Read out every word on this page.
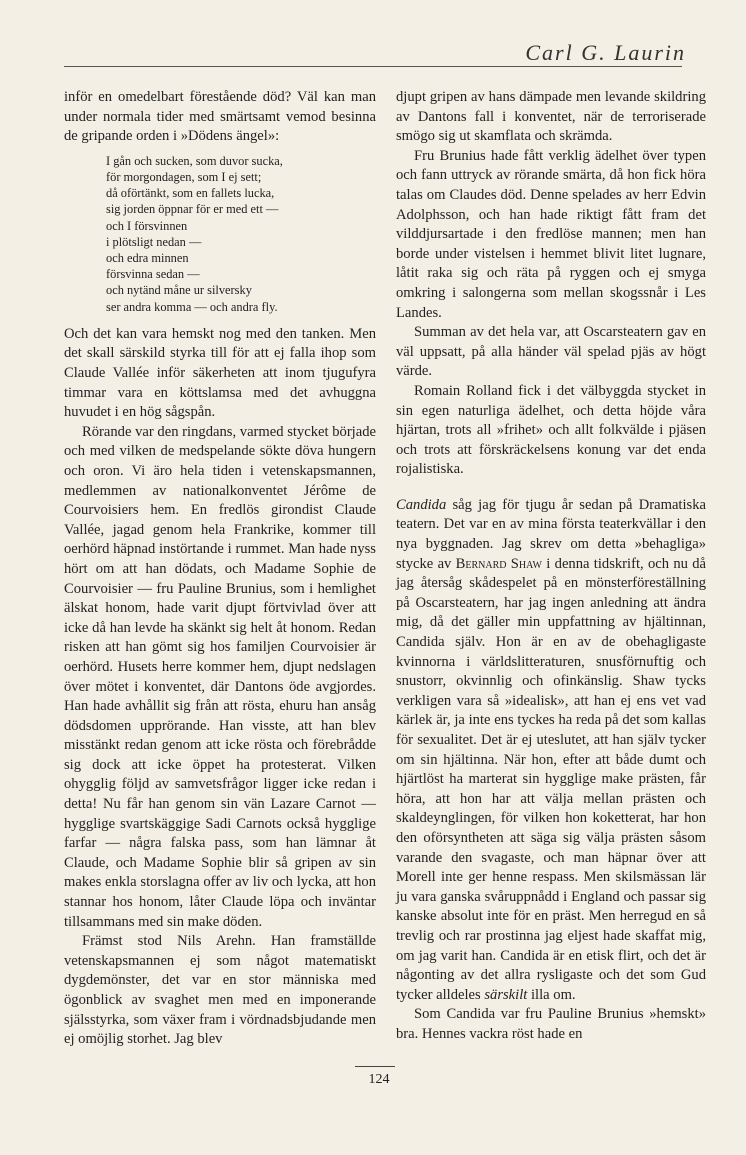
Carl G. Laurin

inför en omedelbart förestående död? Väl kan man under normala tider med smärtsamt vemod besinna de gripande orden i »Dödens ängel»:

I gån och sucken, som duvor sucka,
för morgondagen, som I ej sett;
då oförtänkt, som en fallets lucka,
sig jorden öppnar för er med ett —
och I försvinnen
i plötsligt nedan —
och edra minnen
försvinna sedan —
och nytänd måne ur silversky
ser andra komma — och andra fly.

Och det kan vara hemskt nog med den tanken. Men det skall särskild styrka till för att ej falla ihop som Claude Vallée inför säkerheten att inom tjugufyra timmar vara en köttslamsa med det avhuggna huvudet i en hög sågspån.

Rörande var den ringdans, varmed stycket började och med vilken de medspelande sökte döva hungern och oron. Vi äro hela tiden i vetenskapsmannen, medlemmen av nationalkonventet Jérôme de Courvoisiers hem. En fredlös girondist Claude Vallée, jagad genom hela Frankrike, kommer till oerhörd häpnad instörtande i rummet. Man hade nyss hört om att han dödats, och Madame Sophie de Courvoisier — fru Pauline Brunius, som i hemlighet älskat honom, hade varit djupt förtvivlad över att icke då han levde ha skänkt sig helt åt honom. Redan risken att han gömt sig hos familjen Courvoisier är oerhörd. Husets herre kommer hem, djupt nedslagen över mötet i konventet, där Dantons öde avgjordes. Han hade avhållit sig från att rösta, ehuru han ansåg dödsdomen upprörande. Han visste, att han blev misstänkt redan genom att icke rösta och förebrådde sig dock att icke öppet ha protesterat. Vilken ohygglig följd av samvetsfrågor ligger icke redan i detta! Nu får han genom sin vän Lazare Carnot — hygglige svartskäggige Sadi Carnots också hygglige farfar — några falska pass, som han lämnar åt Claude, och Madame Sophie blir så gripen av sin makes enkla storslagna offer av liv och lycka, att hon stannar hos honom, låter Claude löpa och inväntar tillsammans med sin make döden.

Främst stod Nils Arehn. Han framställde vetenskapsmannen ej som något matematiskt dygdemönster, det var en stor människa med ögonblick av svaghet men med en imponerande själsstyrka, som växer fram i vördnadsbjudande men ej omöjlig storhet. Jag blev

djupt gripen av hans dämpade men levande skildring av Dantons fall i konventet, när de terroriserade smögo sig ut skamflata och skrämda.

Fru Brunius hade fått verklig ädelhet över typen och fann uttryck av rörande smärta, då hon fick höra talas om Claudes död. Denne spelades av herr Edvin Adolphsson, och han hade riktigt fått fram det vilddjursartade i den fredlöse mannen; men han borde under vistelsen i hemmet blivit litet lugnare, låtit raka sig och räta på ryggen och ej smyga omkring i salongerna som mellan skogssnår i Les Landes.

Summan av det hela var, att Oscarsteatern gav en väl uppsatt, på alla händer väl spelad pjäs av högt värde.

Romain Rolland fick i det välbyggda stycket in sin egen naturliga ädelhet, och detta höjde våra hjärtan, trots all »frihet» och allt folkvälde i pjäsen och trots att förskräckelsens konung var det enda rojalistiska.

Candida såg jag för tjugu år sedan på Dramatiska teatern. Det var en av mina första teaterkvällar i den nya byggnaden. Jag skrev om detta »behagliga» stycke av Bernard Shaw i denna tidskrift, och nu då jag återsåg skådespelet på en mönsterföreställning på Oscarsteatern, har jag ingen anledning att ändra mig, då det gäller min uppfattning av hjältinnan, Candida själv. Hon är en av de obehagligaste kvinnorna i världslitteraturen, snusförnuftig och snustorr, okvinnlig och ofinkänslig. Shaw tycks verkligen vara så »idealisk», att han ej ens vet vad kärlek är, ja inte ens tyckes ha reda på det som kallas för sexualitet. Det är ej uteslutet, att han själv tycker om sin hjältinna. När hon, efter att både dumt och hjärtlöst ha marterat sin hygglige make prästen, får höra, att hon har att välja mellan prästen och skaldeynglingen, för vilken hon koketterat, har hon den oförsyntheten att säga sig välja prästen såsom varande den svagaste, och man häpnar över att Morell inte ger henne respass. Men skilsmässan lär ju vara ganska svåruppnådd i England och passar sig kanske absolut inte för en präst. Men herregud en så trevlig och rar prostinna jag eljest hade skaffat mig, om jag varit han. Candida är en etisk flirt, och det är någonting av det allra rysligaste och det som Gud tycker alldeles särskilt illa om.

Som Candida var fru Pauline Brunius »hemskt» bra. Hennes vackra röst hade en

124
